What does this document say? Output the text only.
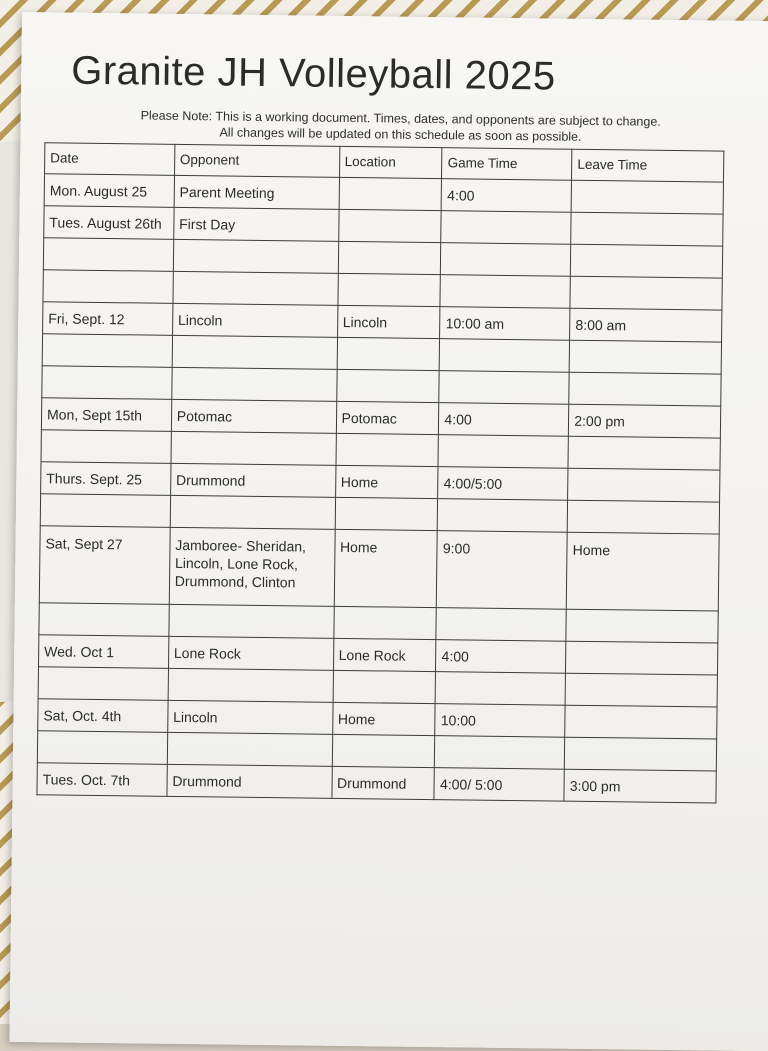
Granite JH Volleyball 2025
Please Note: This is a working document. Times, dates, and opponents are subject to change.
All changes will be updated on this schedule as soon as possible.
Date	Opponent	Location	Game Time	Leave Time
Mon. August 25	Parent Meeting		4:00	
Tues. August 26th	First Day			

Fri, Sept. 12	Lincoln	Lincoln	10:00 am	8:00 am

Mon, Sept 15th	Potomac	Potomac	4:00	2:00 pm

Thurs. Sept. 25	Drummond	Home	4:00/5:00	

Sat, Sept 27	Jamboree- Sheridan, Lincoln, Lone Rock, Drummond, Clinton	Home	9:00	Home

Wed. Oct 1	Lone Rock	Lone Rock	4:00	

Sat, Oct. 4th	Lincoln	Home	10:00	

Tues. Oct. 7th	Drummond	Drummond	4:00/ 5:00	3:00 pm
